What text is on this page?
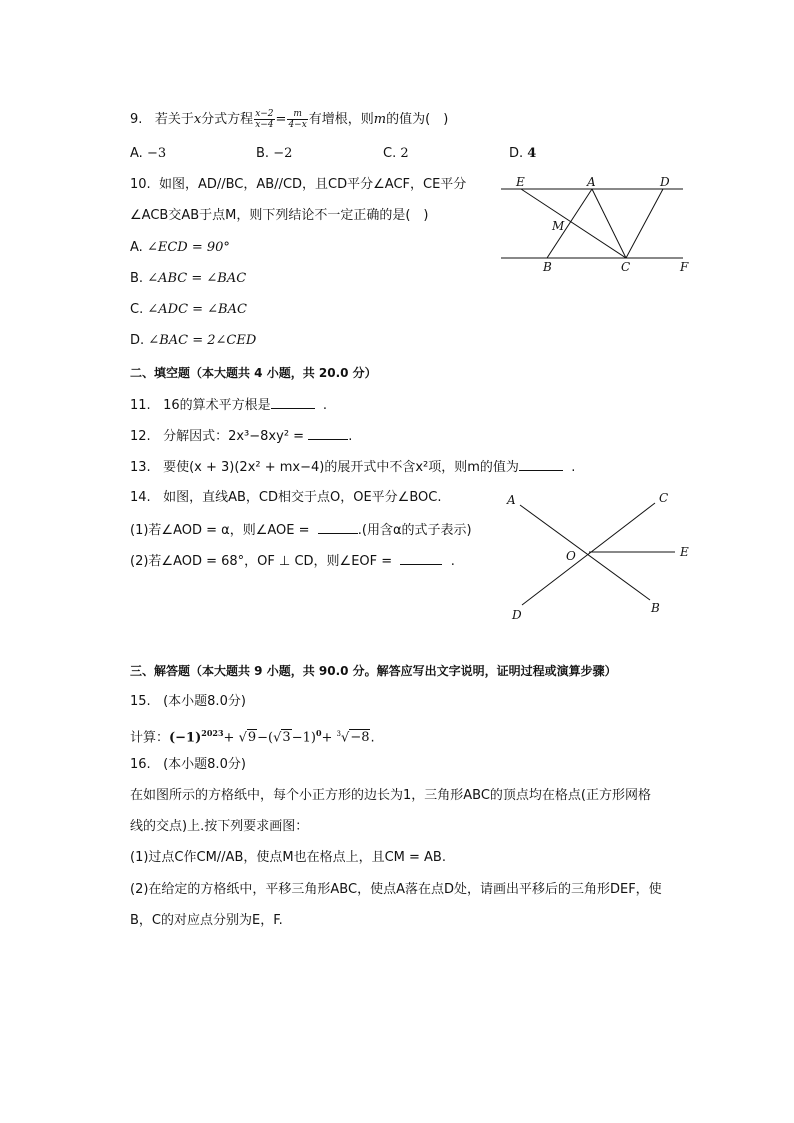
9. 若关于x分式方程 $\frac{x-2}{x-4} = \frac{m}{4-x}$ 有增根，则m的值为(　)
A. −3	B. −2	C. 2	D. 4
10. 如图，AD//BC，AB//CD，且CD平分∠ACF，CE平分
∠ACB交AB于点M，则下列结论不一定正确的是(　)
A. ∠ECD = 90°
B. ∠ABC = ∠BAC
C. ∠ADC = ∠BAC
D. ∠BAC = 2∠CED
E	A	D
M
B	C	F
二、填空题（本大题共 4 小题，共 20.0 分）
11. 16的算术平方根是	.
12. 分解因式：2x³−8xy² =	.
13. 要使(x + 3)(2x² + mx−4)的展开式中不含x²项，则m的值为	.
14. 如图，直线AB，CD相交于点O，OE平分∠BOC.
(1)若∠AOD = α，则∠AOE =	.(用含α的式子表示)
(2)若∠AOD = 68°，OF ⊥ CD，则∠EOF =	.
A	C
O	E
D	B
三、解答题（本大题共 9 小题，共 90.0 分。解答应写出文字说明，证明过程或演算步骤）
15. (本小题8.0分)
计算：$(-1)^{2023}+ √9-(√3-1)^0+ ^3√-8$.
16. (本小题8.0分)
在如图所示的方格纸中，每个小正方形的边长为1，三角形ABC的顶点均在格点(正方形网格
线的交点)上.按下列要求画图：
(1)过点C作CM//AB，使点M也在格点上，且CM = AB.
(2)在给定的方格纸中，平移三角形ABC，使点A落在点D处，请画出平移后的三角形DEF，使
B，C的对应点分别为E，F.
